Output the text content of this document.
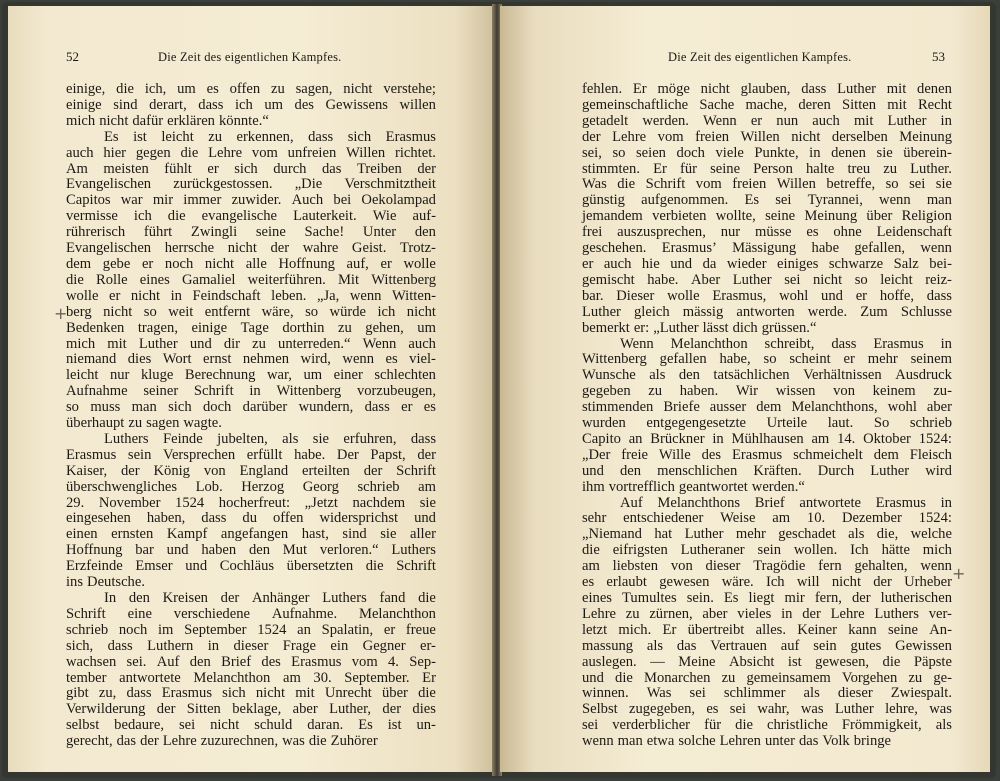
52	Die Zeit des eigentlichen Kampfes.
einige, die ich, um es offen zu sagen, nicht verstehe;
einige sind derart, dass ich um des Gewissens willen
mich nicht dafür erklären könnte.“
Es ist leicht zu erkennen, dass sich Erasmus
auch hier gegen die Lehre vom unfreien Willen richtet.
Am meisten fühlt er sich durch das Treiben der
Evangelischen zurückgestossen. „Die Verschmitztheit
Capitos war mir immer zuwider. Auch bei Oekolampad
vermisse ich die evangelische Lauterkeit. Wie auf-
rührerisch führt Zwingli seine Sache! Unter den
Evangelischen herrsche nicht der wahre Geist. Trotz-
dem gebe er noch nicht alle Hoffnung auf, er wolle
die Rolle eines Gamaliel weiterführen. Mit Wittenberg
wolle er nicht in Feindschaft leben. „Ja, wenn Witten-
berg nicht so weit entfernt wäre, so würde ich nicht
Bedenken tragen, einige Tage dorthin zu gehen, um
mich mit Luther und dir zu unterreden.“ Wenn auch
niemand dies Wort ernst nehmen wird, wenn es viel-
leicht nur kluge Berechnung war, um einer schlechten
Aufnahme seiner Schrift in Wittenberg vorzubeugen,
so muss man sich doch darüber wundern, dass er es
überhaupt zu sagen wagte.
Luthers Feinde jubelten, als sie erfuhren, dass
Erasmus sein Versprechen erfüllt habe. Der Papst, der
Kaiser, der König von England erteilten der Schrift
überschwengliches Lob. Herzog Georg schrieb am
29. November 1524 hocherfreut: „Jetzt nachdem sie
eingesehen haben, dass du offen widersprichst und
einen ernsten Kampf angefangen hast, sind sie aller
Hoffnung bar und haben den Mut verloren.“ Luthers
Erzfeinde Emser und Cochläus übersetzten die Schrift
ins Deutsche.
In den Kreisen der Anhänger Luthers fand die
Schrift eine verschiedene Aufnahme. Melanchthon
schrieb noch im September 1524 an Spalatin, er freue
sich, dass Luthern in dieser Frage ein Gegner er-
wachsen sei. Auf den Brief des Erasmus vom 4. Sep-
tember antwortete Melanchthon am 30. September. Er
gibt zu, dass Erasmus sich nicht mit Unrecht über die
Verwilderung der Sitten beklage, aber Luther, der dies
selbst bedaure, sei nicht schuld daran. Es ist un-
gerecht, das der Lehre zuzurechnen, was die Zuhörer
+
Die Zeit des eigentlichen Kampfes.	53
fehlen. Er möge nicht glauben, dass Luther mit denen
gemeinschaftliche Sache mache, deren Sitten mit Recht
getadelt werden. Wenn er nun auch mit Luther in
der Lehre vom freien Willen nicht derselben Meinung
sei, so seien doch viele Punkte, in denen sie überein-
stimmten. Er für seine Person halte treu zu Luther.
Was die Schrift vom freien Willen betreffe, so sei sie
günstig aufgenommen. Es sei Tyrannei, wenn man
jemandem verbieten wollte, seine Meinung über Religion
frei auszusprechen, nur müsse es ohne Leidenschaft
geschehen. Erasmus’ Mässigung habe gefallen, wenn
er auch hie und da wieder einiges schwarze Salz bei-
gemischt habe. Aber Luther sei nicht so leicht reiz-
bar. Dieser wolle Erasmus, wohl und er hoffe, dass
Luther gleich mässig antworten werde. Zum Schlusse
bemerkt er: „Luther lässt dich grüssen.“
Wenn Melanchthon schreibt, dass Erasmus in
Wittenberg gefallen habe, so scheint er mehr seinem
Wunsche als den tatsächlichen Verhältnissen Ausdruck
gegeben zu haben. Wir wissen von keinem zu-
stimmenden Briefe ausser dem Melanchthons, wohl aber
wurden entgegengesetzte Urteile laut. So schrieb
Capito an Brückner in Mühlhausen am 14. Oktober 1524:
„Der freie Wille des Erasmus schmeichelt dem Fleisch
und den menschlichen Kräften. Durch Luther wird
ihm vortrefflich geantwortet werden.“
Auf Melanchthons Brief antwortete Erasmus in
sehr entschiedener Weise am 10. Dezember 1524:
„Niemand hat Luther mehr geschadet als die, welche
die eifrigsten Lutheraner sein wollen. Ich hätte mich
am liebsten von dieser Tragödie fern gehalten, wenn
es erlaubt gewesen wäre. Ich will nicht der Urheber
eines Tumultes sein. Es liegt mir fern, der lutherischen
Lehre zu zürnen, aber vieles in der Lehre Luthers ver-
letzt mich. Er übertreibt alles. Keiner kann seine An-
massung als das Vertrauen auf sein gutes Gewissen
auslegen. — Meine Absicht ist gewesen, die Päpste
und die Monarchen zu gemeinsamem Vorgehen zu ge-
winnen. Was sei schlimmer als dieser Zwiespalt.
Selbst zugegeben, es sei wahr, was Luther lehre, was
sei verderblicher für die christliche Frömmigkeit, als
wenn man etwa solche Lehren unter das Volk bringe
+
